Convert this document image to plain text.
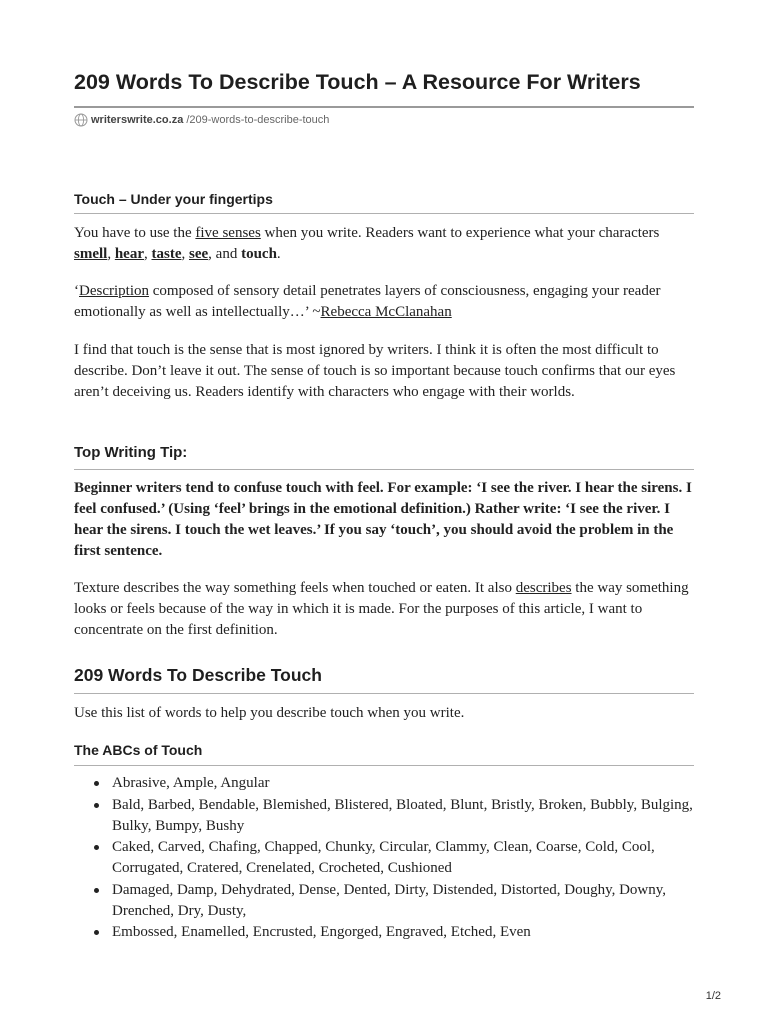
209 Words To Describe Touch – A Resource For Writers
writerswrite.co.za /209-words-to-describe-touch
Touch – Under your fingertips

You have to use the five senses when you write. Readers want to experience what your characters smell, hear, taste, see, and touch.

‘Description composed of sensory detail penetrates layers of consciousness, engaging your reader emotionally as well as intellectually…’ ~Rebecca McClanahan

I find that touch is the sense that is most ignored by writers. I think it is often the most difficult to describe. Don’t leave it out. The sense of touch is so important because touch confirms that our eyes aren’t deceiving us. Readers identify with characters who engage with their worlds.

Top Writing Tip:

Beginner writers tend to confuse touch with feel. For example: ‘I see the river. I hear the sirens. I feel confused.’ (Using ‘feel’ brings in the emotional definition.) Rather write: ‘I see the river. I hear the sirens. I touch the wet leaves.’ If you say ‘touch’, you should avoid the problem in the first sentence.

Texture describes the way something feels when touched or eaten. It also describes the way something looks or feels because of the way in which it is made. For the purposes of this article, I want to concentrate on the first definition.

209 Words To Describe Touch

Use this list of words to help you describe touch when you write.

The ABCs of Touch
Abrasive, Ample, Angular
Bald, Barbed, Bendable, Blemished, Blistered, Bloated, Blunt, Bristly, Broken, Bubbly, Bulging, Bulky, Bumpy, Bushy
Caked, Carved, Chafing, Chapped, Chunky, Circular, Clammy, Clean, Coarse, Cold, Cool, Corrugated, Cratered, Crenelated, Crocheted, Cushioned
Damaged, Damp, Dehydrated, Dense, Dented, Dirty, Distended, Distorted, Doughy, Downy, Drenched, Dry, Dusty,
Embossed, Enamelled, Encrusted, Engorged, Engraved, Etched, Even
1/2
